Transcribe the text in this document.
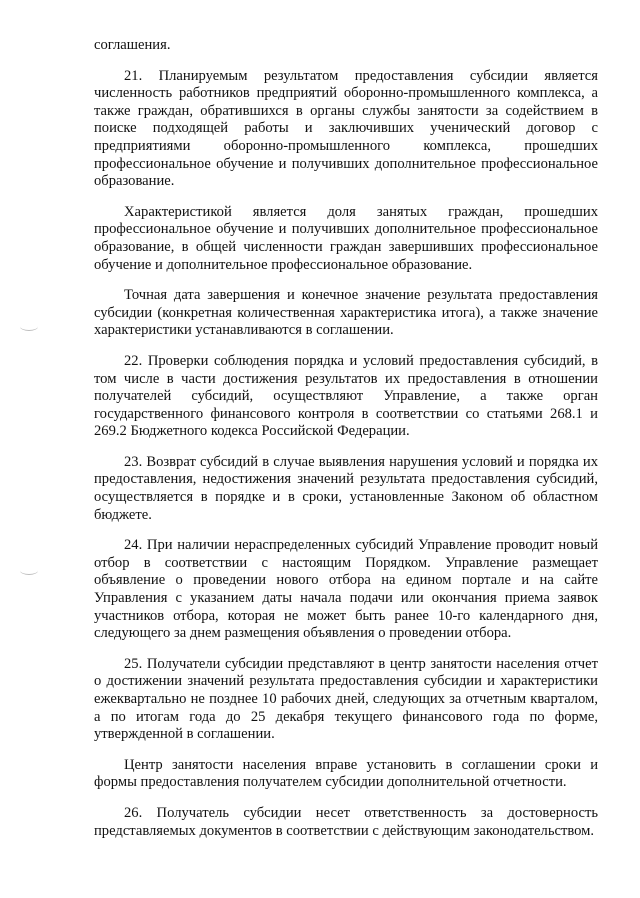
соглашения.

21. Планируемым результатом предоставления субсидии является численность работников предприятий оборонно-промышленного комплекса, а также граждан, обратившихся в органы службы занятости за содействием в поиске подходящей работы и заключивших ученический договор с предприятиями оборонно-промышленного комплекса, прошедших профессиональное обучение и получивших дополнительное профессиональное образование.

Характеристикой является доля занятых граждан, прошедших профессиональное обучение и получивших дополнительное профессиональное образование, в общей численности граждан завершивших профессиональное обучение и дополнительное профессиональное образование.

Точная дата завершения и конечное значение результата предоставления субсидии (конкретная количественная характеристика итога), а также значение характеристики устанавливаются в соглашении.

22. Проверки соблюдения порядка и условий предоставления субсидий, в том числе в части достижения результатов их предоставления в отношении получателей субсидий, осуществляют Управление, а также орган государственного финансового контроля в соответствии со статьями 268.1 и 269.2 Бюджетного кодекса Российской Федерации.

23. Возврат субсидий в случае выявления нарушения условий и порядка их предоставления, недостижения значений результата предоставления субсидий, осуществляется в порядке и в сроки, установленные Законом об областном бюджете.

24. При наличии нераспределенных субсидий Управление проводит новый отбор в соответствии с настоящим Порядком. Управление размещает объявление о проведении нового отбора на едином портале и на сайте Управления с указанием даты начала подачи или окончания приема заявок участников отбора, которая не может быть ранее 10-го календарного дня, следующего за днем размещения объявления о проведении отбора.

25. Получатели субсидии представляют в центр занятости населения отчет о достижении значений результата предоставления субсидии и характеристики ежеквартально не позднее 10 рабочих дней, следующих за отчетным кварталом, а по итогам года до 25 декабря текущего финансового года по форме, утвержденной в соглашении.

Центр занятости населения вправе установить в соглашении сроки и формы предоставления получателем субсидии дополнительной отчетности.

26. Получатель субсидии несет ответственность за достоверность представляемых документов в соответствии с действующим законодательством.
